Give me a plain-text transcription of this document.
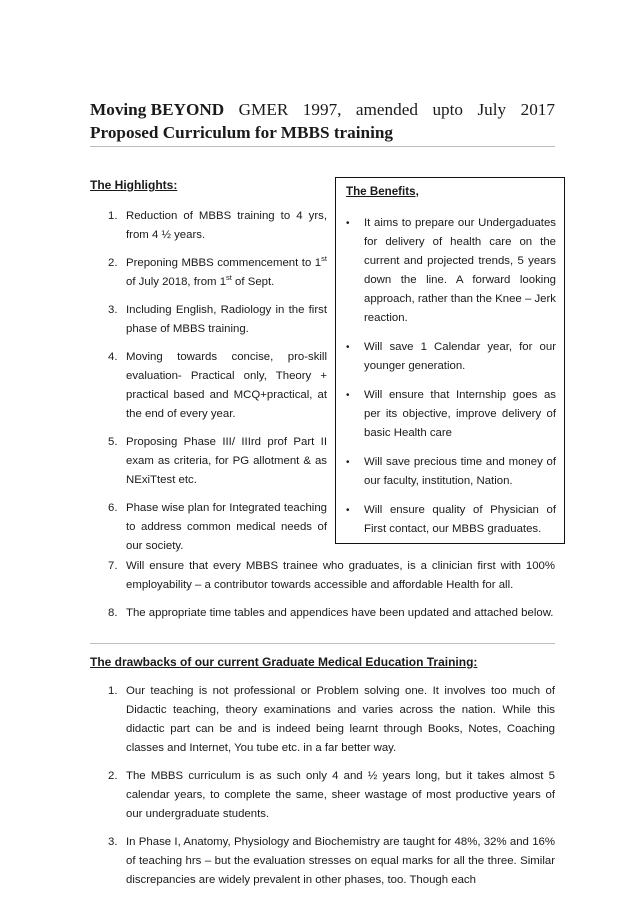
Moving BEYOND GMER 1997, amended upto July 2017
Proposed Curriculum for MBBS training
The Highlights:
1. Reduction of MBBS training to 4 yrs, from 4 ½ years.
2. Preponing MBBS commencement to 1st of July 2018, from 1st of Sept.
3. Including English, Radiology in the first phase of MBBS training.
4. Moving towards concise, pro-skill evaluation- Practical only, Theory + practical based and MCQ+practical, at the end of every year.
5. Proposing Phase III/ IIIrd prof Part II exam as criteria, for PG allotment & as NExiTtest etc.
6. Phase wise plan for Integrated teaching to address common medical needs of our society.
7. Will ensure that every MBBS trainee who graduates, is a clinician first with 100% employability – a contributor towards accessible and affordable Health for all.
8. The appropriate time tables and appendices have been updated and attached below.
The Benefits,
• It aims to prepare our Undergaduates for delivery of health care on the current and projected trends, 5 years down the line. A forward looking approach, rather than the Knee – Jerk reaction.
• Will save 1 Calendar year, for our younger generation.
• Will ensure that Internship goes as per its objective, improve delivery of basic Health care
• Will save precious time and money of our faculty, institution, Nation.
• Will ensure quality of Physician of First contact, our MBBS graduates.
The drawbacks of our current Graduate Medical Education Training:
1. Our teaching is not professional or Problem solving one. It involves too much of Didactic teaching, theory examinations and varies across the nation. While this didactic part can be and is indeed being learnt through Books, Notes, Coaching classes and Internet, You tube etc. in a far better way.
2. The MBBS curriculum is as such only 4 and ½ years long, but it takes almost 5 calendar years, to complete the same, sheer wastage of most productive years of our undergraduate students.
3. In Phase I, Anatomy, Physiology and Biochemistry are taught for 48%, 32% and 16% of teaching hrs – but the evaluation stresses on equal marks for all the three. Similar discrepancies are widely prevalent in other phases, too. Though each
